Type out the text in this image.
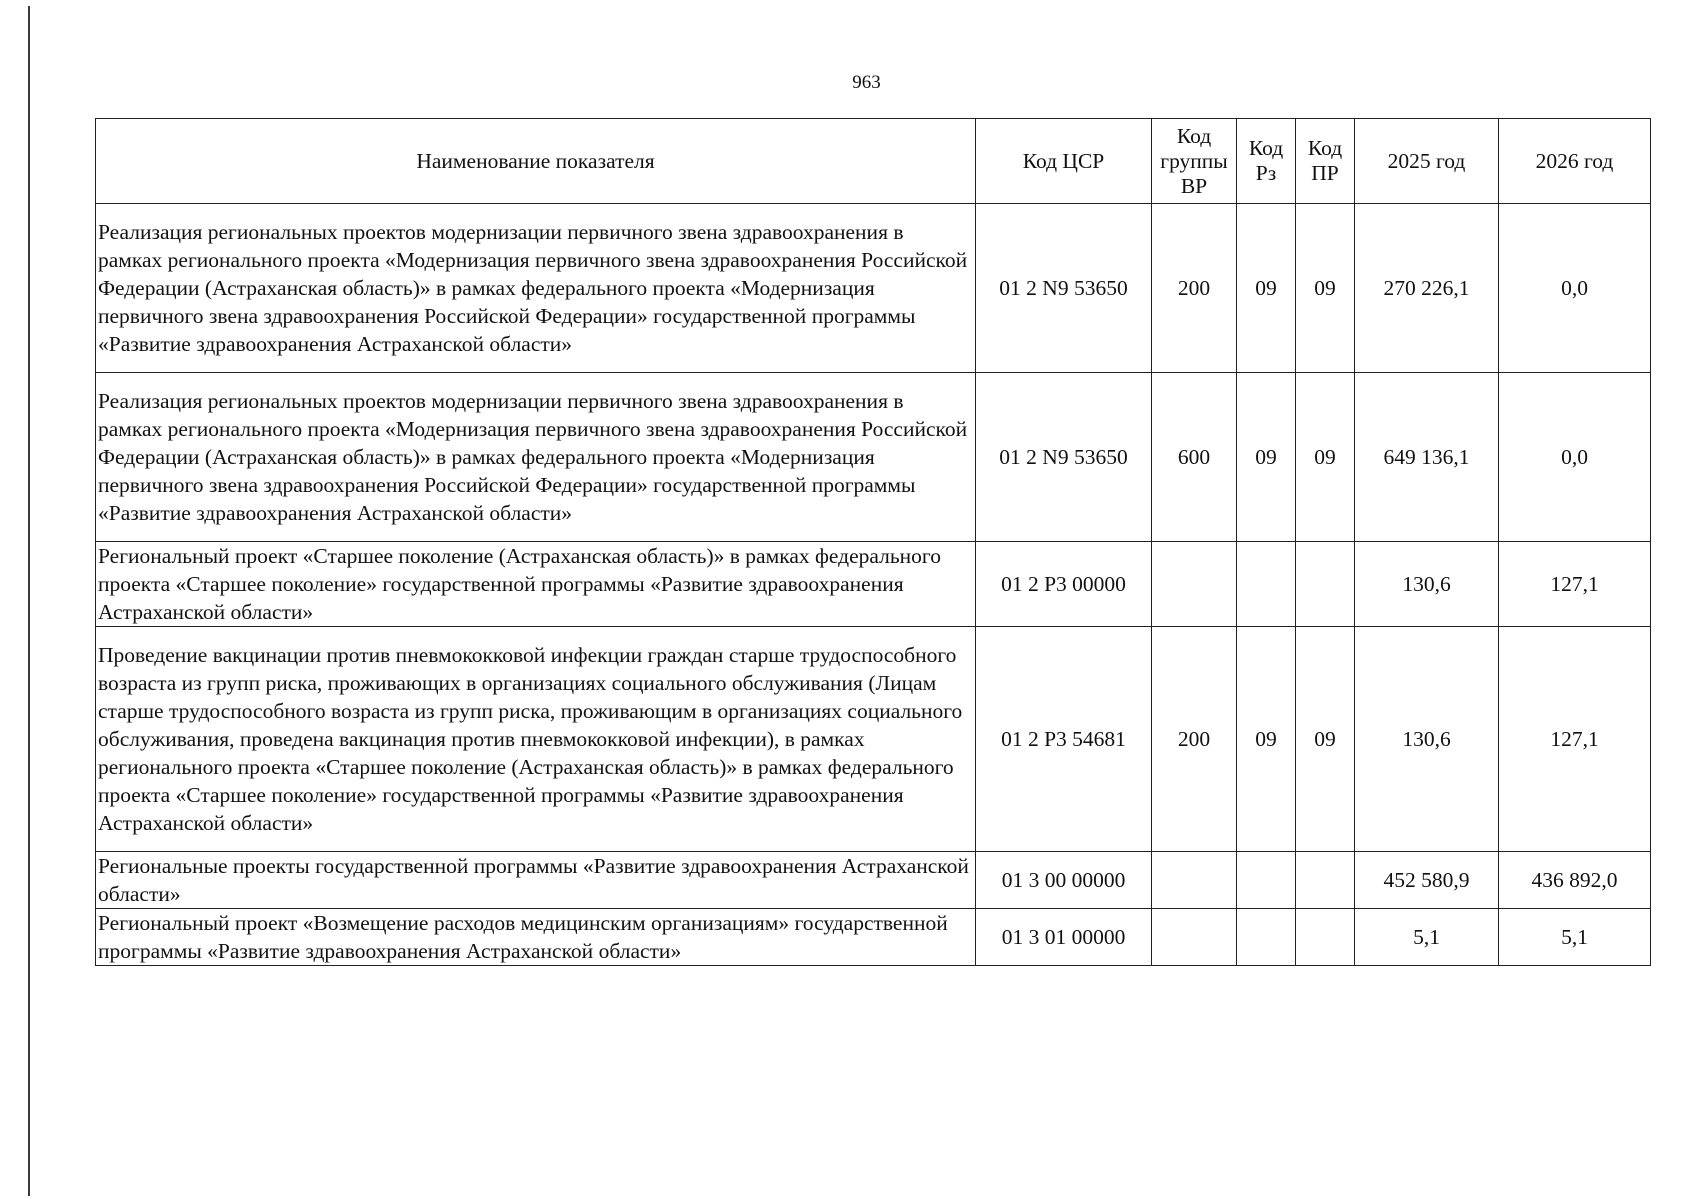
963
Наименование показателя	Код ЦСР	Код группы ВР	Код Рз	Код ПР	2025 год	2026 год
Реализация региональных проектов модернизации первичного звена здравоохранения в рамках регионального проекта «Модернизация первичного звена здравоохранения Российской Федерации (Астраханская область)» в рамках федерального проекта «Модернизация первичного звена здравоохранения Российской Федерации» государственной программы «Развитие здравоохранения Астраханской области»	01 2 N9 53650	200	09	09	270 226,1	0,0
Реализация региональных проектов модернизации первичного звена здравоохранения в рамках регионального проекта «Модернизация первичного звена здравоохранения Российской Федерации (Астраханская область)» в рамках федерального проекта «Модернизация первичного звена здравоохранения Российской Федерации» государственной программы «Развитие здравоохранения Астраханской области»	01 2 N9 53650	600	09	09	649 136,1	0,0
Региональный проект «Старшее поколение (Астраханская область)» в рамках федерального проекта «Старшее поколение» государственной программы «Развитие здравоохранения Астраханской области»	01 2 P3 00000				130,6	127,1
Проведение вакцинации против пневмококковой инфекции граждан старше трудоспособного возраста из групп риска, проживающих в организациях социального обслуживания (Лицам старше трудоспособного возраста из групп риска, проживающим в организациях социального обслуживания, проведена вакцинация против пневмококковой инфекции), в рамках регионального проекта «Старшее поколение (Астраханская область)» в рамках федерального проекта «Старшее поколение» государственной программы «Развитие здравоохранения Астраханской области»	01 2 P3 54681	200	09	09	130,6	127,1
Региональные проекты государственной программы «Развитие здравоохранения Астраханской области»	01 3 00 00000				452 580,9	436 892,0
Региональный проект «Возмещение расходов медицинским организациям» государственной программы «Развитие здравоохранения Астраханской области»	01 3 01 00000				5,1	5,1
